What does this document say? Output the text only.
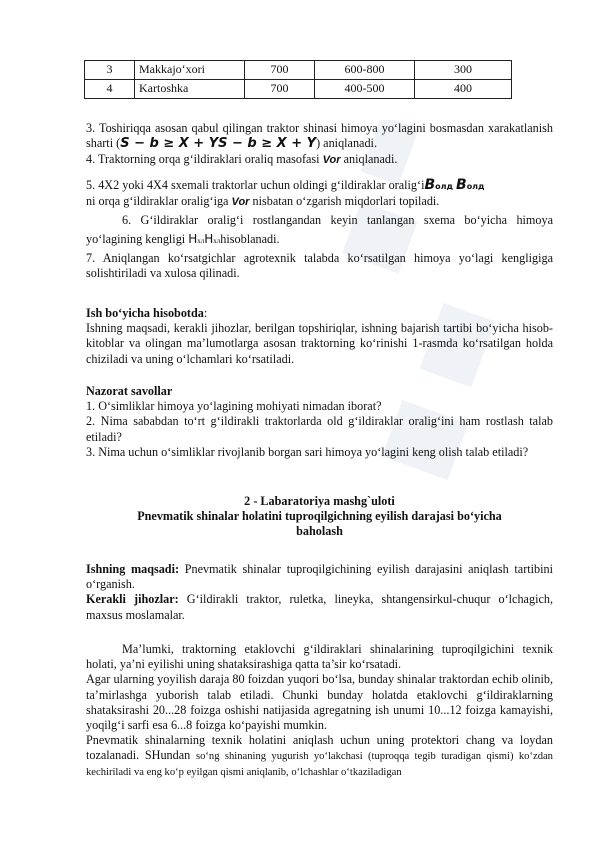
3	Makkajo‘xori	700	600-800	300
4	Kartoshka	700	400-500	400

3. Toshiriqqa asosan qabul qilingan traktor shinasi himoya yo‘lagini bosmasdan xarakatlanish sharti (S − b ≥ X + YS − b ≥ X + Y) aniqlanadi.

4. Traktorning orqa g‘ildiraklari oraliq masofasi Vor aniqlanadi.

5. 4X2 yoki 4X4 sxemali traktorlar uchun oldingi g‘ildiraklar oralig‘iBолд Bолд
ni orqa g‘ildiraklar oralig‘iga Vor nisbatan o‘zgarish miqdorlari topiladi.

6. G‘ildiraklar oralig‘i rostlangandan keyin tanlangan sxema bo‘yicha himoya yo‘lagining kengligi HхлHхлhisoblanadi.

7. Aniqlangan ko‘rsatgichlar agrotexnik talabda ko‘rsatilgan himoya yo‘lagi kengligiga solishtiriladi va xulosa qilinadi.

Ish bo‘yicha hisobotda:

Ishning maqsadi, kerakli jihozlar, berilgan topshiriqlar, ishning bajarish tartibi bo‘yicha hisob-kitoblar va olingan ma’lumotlarga asosan traktorning ko‘rinishi 1-rasmda ko‘rsatilgan holda chiziladi va uning o‘lchamlari ko‘rsatiladi.

Nazorat savollar

1. O‘simliklar himoya yo‘lagining mohiyati nimadan iborat?

2. Nima sababdan to‘rt g‘ildirakli traktorlarda old g‘ildiraklar oralig‘ini ham rostlash talab etiladi?

3. Nima uchun o‘simliklar rivojlanib borgan sari himoya yo‘lagini keng olish talab etiladi?

2 - Labaratoriya mashg`uloti

Pnevmatik shinalar holatini tuproqilgichning eyilish darajasi bo‘yicha baholash

Ishning maqsadi: Pnevmatik shinalar tuproqilgichining eyilish darajasini aniqlash tartibini o‘rganish.

Kerakli jihozlar: G‘ildirakli traktor, ruletka, lineyka, shtangensirkul-chuqur o‘lchagich, maxsus moslamalar.

Ma’lumki, traktorning etaklovchi g‘ildiraklari shinalarining tuproqilgichini texnik holati, ya’ni eyilishi uning shataksirashiga qatta ta’sir ko‘rsatadi.

Agar ularning yoyilish daraja 80 foizdan yuqori bo‘lsa, bunday shinalar traktordan echib olinib, ta’mirlashga yuborish talab etiladi. Chunki bunday holatda etaklovchi g‘ildiraklarning shataksirashi 20...28 foizga oshishi natijasida agregatning ish unumi 10...12 foizga kamayishi, yoqilg‘i sarfi esa 6...8 foizga ko‘payishi mumkin.

Pnevmatik shinalarning texnik holatini aniqlash uchun uning protektori chang va loydan tozalanadi. SHundan so‘ng shinaning yugurish yo‘lakchasi (tuproqqa tegib turadigan qismi) ko‘zdan kechiriladi va eng ko‘p eyilgan qismi aniqlanib, o‘lchashlar o‘tkaziladigan
